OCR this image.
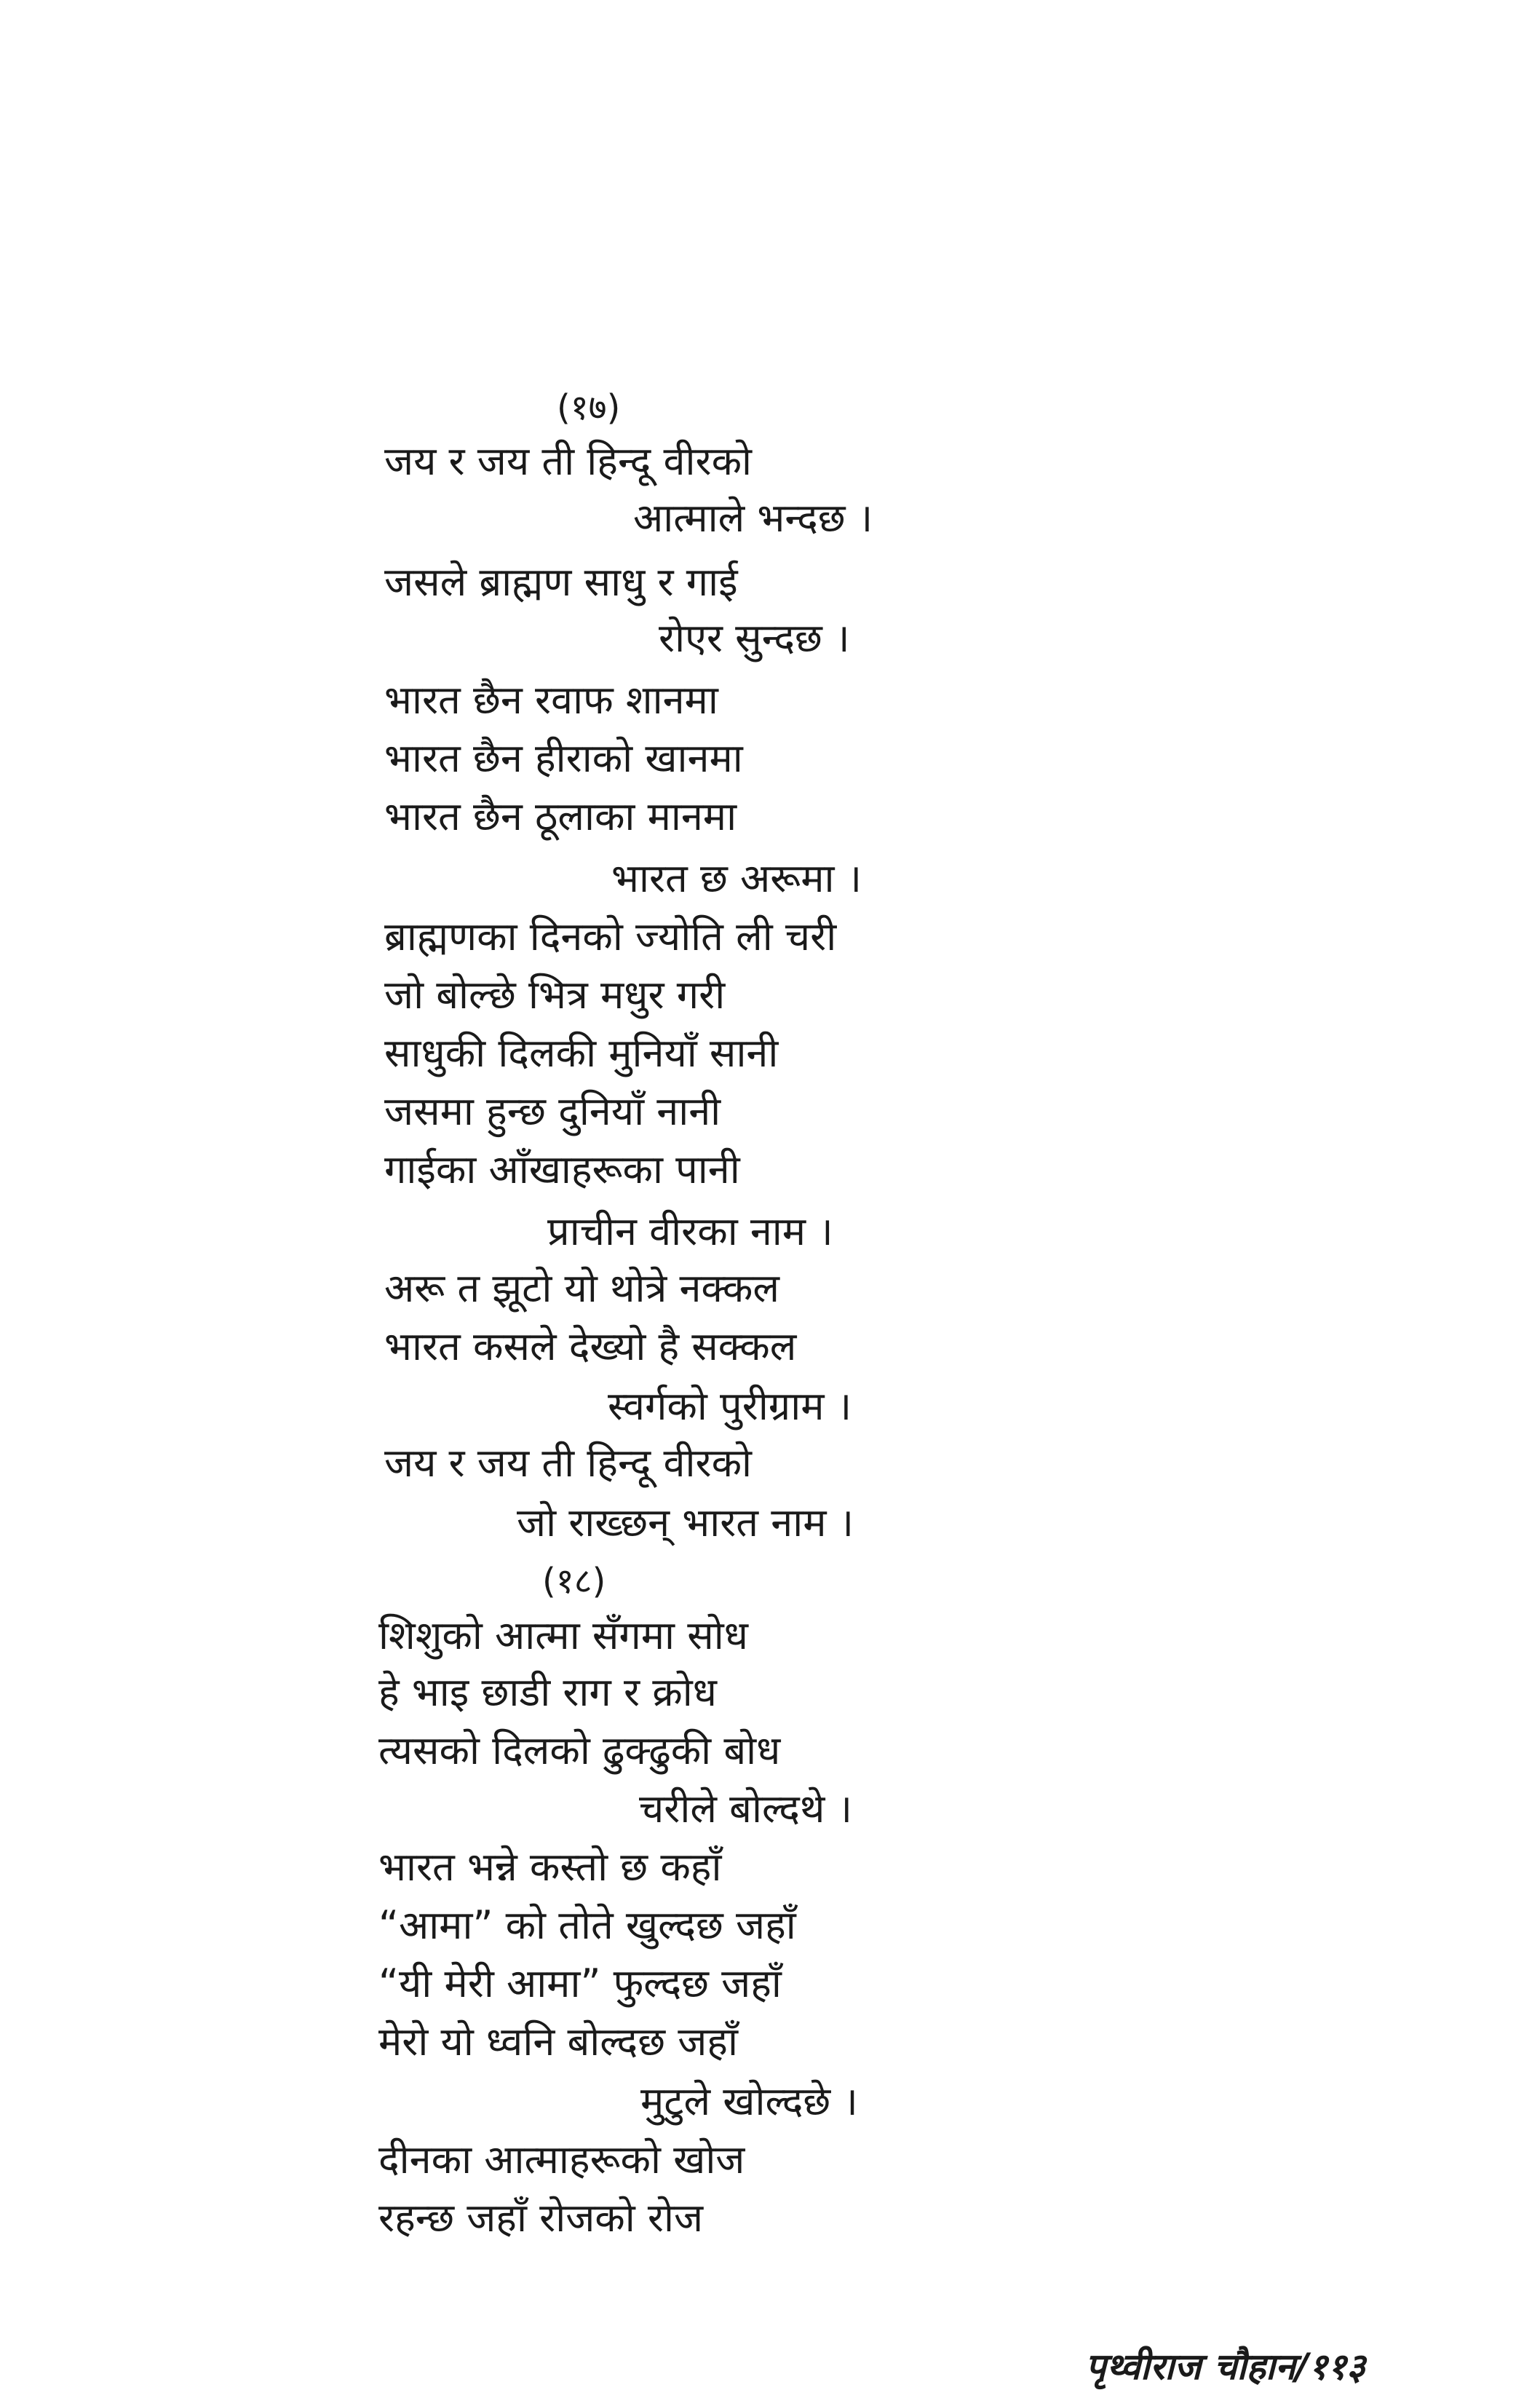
(१७)
जय र जय ती हिन्दू वीरको
आत्माले भन्दछ ।
जसले ब्राह्मण साधु र गाई
रोएर सुन्दछ ।
भारत छैन रवाफ शानमा
भारत छैन हीराको खानमा
भारत छैन ठूलाका मानमा
भारत छ अरूमा ।
ब्राह्मणका दिनको ज्योति ली चरी
जो बोल्छे भित्र मधुर गरी
साधुकी दिलकी मुनियाँ सानी
जसमा हुन्छ दुनियाँ नानी
गाईका आँखाहरूका पानी
प्राचीन वीरका नाम ।
अरू त झूटो यो थोत्रे नक्कल
भारत कसले देख्यो है सक्कल
स्वर्गको पुरीग्राम ।
जय र जय ती हिन्दू वीरको
जो राख्छन् भारत नाम ।
(१८)
शिशुको आत्मा सँगमा सोध
हे भाइ छाडी राग र क्रोध
त्यसको दिलको ढुक्ढुकी बोध
चरीले बोल्दथे ।
भारत भन्ने कस्तो छ कहाँ
“आमा” को तोते खुल्दछ जहाँ
“यी मेरी आमा” फुल्दछ जहाँ
मेरो यो ध्वनि बोल्दछ जहाँ
मुटुले खोल्दछे ।
दीनका आत्माहरूको खोज
रहन्छ जहाँ रोजको रोज
पृथ्वीराज चौहान/११३
